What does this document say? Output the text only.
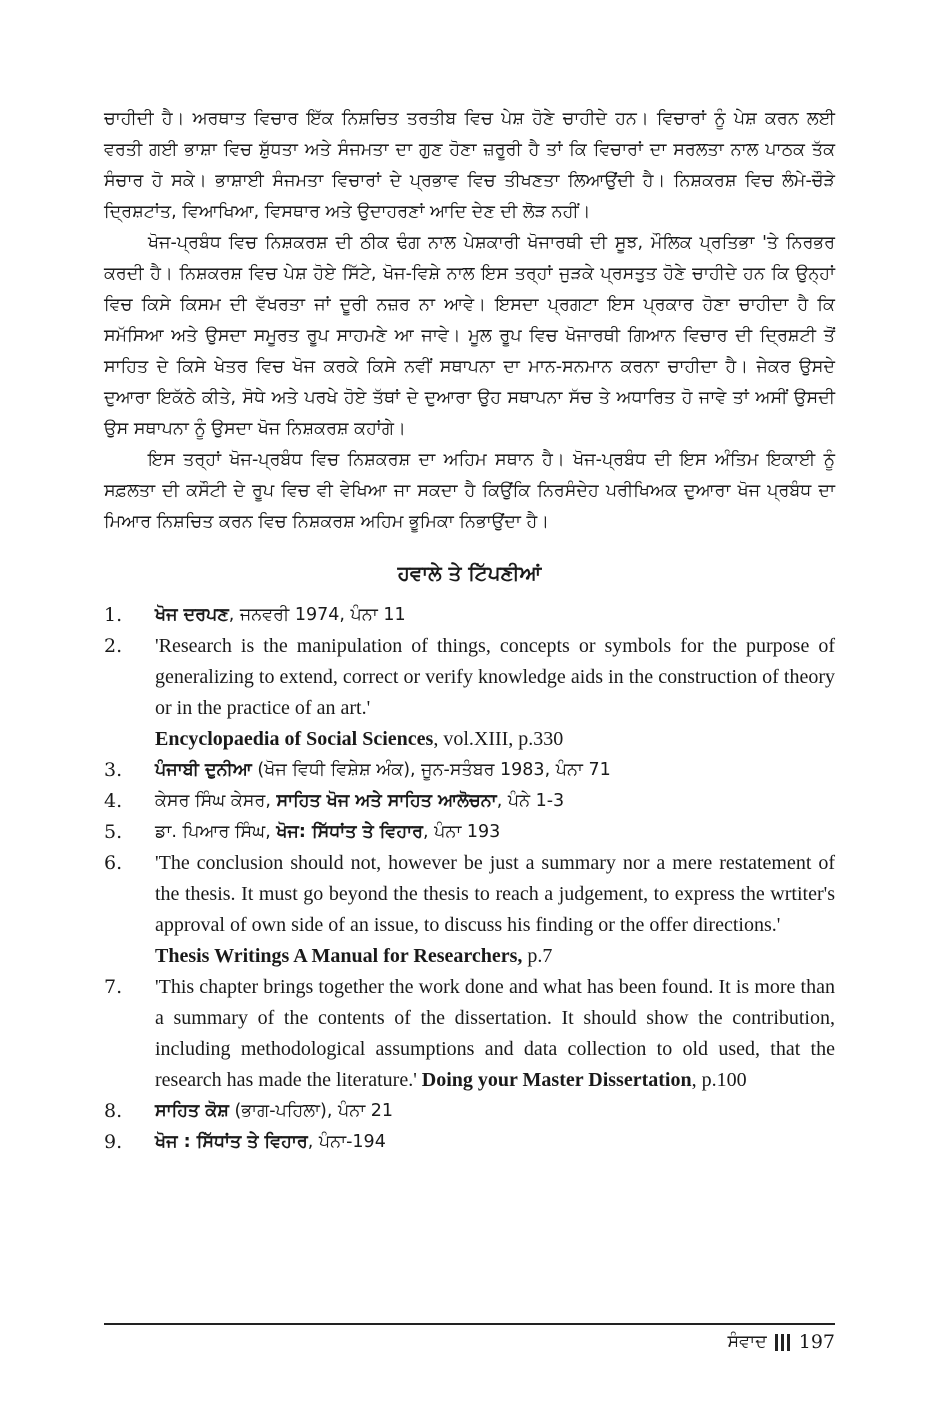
ਚਾਹੀਦੀ ਹੈ। ਅਰਥਾਤ ਵਿਚਾਰ ਇੱਕ ਨਿਸ਼ਚਿਤ ਤਰਤੀਬ ਵਿਚ ਪੇਸ਼ ਹੋਣੇ ਚਾਹੀਦੇ ਹਨ। ਵਿਚਾਰਾਂ ਨੂੰ ਪੇਸ਼ ਕਰਨ ਲਈ ਵਰਤੀ ਗਈ ਭਾਸ਼ਾ ਵਿਚ ਸ਼ੁੱਧਤਾ ਅਤੇ ਸੰਜਮਤਾ ਦਾ ਗੁਣ ਹੋਣਾ ਜ਼ਰੂਰੀ ਹੈ ਤਾਂ ਕਿ ਵਿਚਾਰਾਂ ਦਾ ਸਰਲਤਾ ਨਾਲ ਪਾਠਕ ਤੱਕ ਸੰਚਾਰ ਹੋ ਸਕੇ। ਭਾਸ਼ਾਈ ਸੰਜਮਤਾ ਵਿਚਾਰਾਂ ਦੇ ਪ੍ਰਭਾਵ ਵਿਚ ਤੀਖਣਤਾ ਲਿਆਉਂਦੀ ਹੈ। ਨਿਸ਼ਕਰਸ਼ ਵਿਚ ਲੰਮੇ-ਚੌੜੇ ਦ੍ਰਿਸ਼ਟਾਂਤ, ਵਿਆਖਿਆ, ਵਿਸਥਾਰ ਅਤੇ ਉਦਾਹਰਣਾਂ ਆਦਿ ਦੇਣ ਦੀ ਲੋੜ ਨਹੀਂ।

ਖੋਜ-ਪ੍ਰਬੰਧ ਵਿਚ ਨਿਸ਼ਕਰਸ਼ ਦੀ ਠੀਕ ਢੰਗ ਨਾਲ ਪੇਸ਼ਕਾਰੀ ਖੋਜਾਰਥੀ ਦੀ ਸੂਝ, ਮੌਲਿਕ ਪ੍ਰਤਿਭਾ 'ਤੇ ਨਿਰਭਰ ਕਰਦੀ ਹੈ। ਨਿਸ਼ਕਰਸ਼ ਵਿਚ ਪੇਸ਼ ਹੋਏ ਸਿੱਟੇ, ਖੋਜ-ਵਿਸ਼ੇ ਨਾਲ ਇਸ ਤਰ੍ਹਾਂ ਜੁੜਕੇ ਪ੍ਰਸਤੁਤ ਹੋਣੇ ਚਾਹੀਦੇ ਹਨ ਕਿ ਉਨ੍ਹਾਂ ਵਿਚ ਕਿਸੇ ਕਿਸਮ ਦੀ ਵੱਖਰਤਾ ਜਾਂ ਦੂਰੀ ਨਜ਼ਰ ਨਾ ਆਵੇ। ਇਸਦਾ ਪ੍ਰਗਟਾ ਇਸ ਪ੍ਰਕਾਰ ਹੋਣਾ ਚਾਹੀਦਾ ਹੈ ਕਿ ਸਮੱਸਿਆ ਅਤੇ ਉਸਦਾ ਸਮੂਰਤ ਰੂਪ ਸਾਹਮਣੇ ਆ ਜਾਵੇ। ਮੂਲ ਰੂਪ ਵਿਚ ਖੋਜਾਰਥੀ ਗਿਆਨ ਵਿਚਾਰ ਦੀ ਦ੍ਰਿਸ਼ਟੀ ਤੋਂ ਸਾਹਿਤ ਦੇ ਕਿਸੇ ਖੇਤਰ ਵਿਚ ਖੋਜ ਕਰਕੇ ਕਿਸੇ ਨਵੀਂ ਸਥਾਪਨਾ ਦਾ ਮਾਨ-ਸਨਮਾਨ ਕਰਨਾ ਚਾਹੀਦਾ ਹੈ। ਜੇਕਰ ਉਸਦੇ ਦੁਆਰਾ ਇਕੱਠੇ ਕੀਤੇ, ਸੋਧੇ ਅਤੇ ਪਰਖੇ ਹੋਏ ਤੱਥਾਂ ਦੇ ਦੁਆਰਾ ਉਹ ਸਥਾਪਨਾ ਸੱਚ ਤੇ ਅਧਾਰਿਤ ਹੋ ਜਾਵੇ ਤਾਂ ਅਸੀਂ ਉਸਦੀ ਉਸ ਸਥਾਪਨਾ ਨੂੰ ਉਸਦਾ ਖੋਜ ਨਿਸ਼ਕਰਸ਼ ਕਹਾਂਗੇ।

ਇਸ ਤਰ੍ਹਾਂ ਖੋਜ-ਪ੍ਰਬੰਧ ਵਿਚ ਨਿਸ਼ਕਰਸ਼ ਦਾ ਅਹਿਮ ਸਥਾਨ ਹੈ। ਖੋਜ-ਪ੍ਰਬੰਧ ਦੀ ਇਸ ਅੰਤਿਮ ਇਕਾਈ ਨੂੰ ਸਫ਼ਲਤਾ ਦੀ ਕਸੌਟੀ ਦੇ ਰੂਪ ਵਿਚ ਵੀ ਵੇਖਿਆ ਜਾ ਸਕਦਾ ਹੈ ਕਿਉਂਕਿ ਨਿਰਸੰਦੇਹ ਪਰੀਖਿਅਕ ਦੁਆਰਾ ਖੋਜ ਪ੍ਰਬੰਧ ਦਾ ਮਿਆਰ ਨਿਸ਼ਚਿਤ ਕਰਨ ਵਿਚ ਨਿਸ਼ਕਰਸ਼ ਅਹਿਮ ਭੂਮਿਕਾ ਨਿਭਾਉਂਦਾ ਹੈ।

ਹਵਾਲੇ ਤੇ ਟਿੱਪਣੀਆਂ
1.	ਖੋਜ ਦਰਪਣ, ਜਨਵਰੀ 1974, ਪੰਨਾ 11
2.	'Research is the manipulation of things, concepts or symbols for the purpose of generalizing to extend, correct or verify knowledge aids in the construction of theory or in the practice of an art.'
Encyclopaedia of Social Sciences, vol.XIII, p.330
3.	ਪੰਜਾਬੀ ਦੁਨੀਆ (ਖੋਜ ਵਿਧੀ ਵਿਸ਼ੇਸ਼ ਅੰਕ), ਜੂਨ-ਸਤੰਬਰ 1983, ਪੰਨਾ 71
4.	ਕੇਸਰ ਸਿੰਘ ਕੇਸਰ, ਸਾਹਿਤ ਖੋਜ ਅਤੇ ਸਾਹਿਤ ਆਲੋਚਨਾ, ਪੰਨੇ 1-3
5.	ਡਾ. ਪਿਆਰ ਸਿੰਘ, ਖੋਜ: ਸਿੱਧਾਂਤ ਤੇ ਵਿਹਾਰ, ਪੰਨਾ 193
6.	'The conclusion should not, however be just a summary nor a mere restatement of the thesis. It must go beyond the thesis to reach a judgement, to express the wrtiter's approval of own side of an issue, to discuss his finding or the offer directions.'
Thesis Writings A Manual for Researchers, p.7
7.	'This chapter brings together the work done and what has been found. It is more than a summary of the contents of the dissertation. It should show the contribution, including methodological assumptions and data collection to old used, that the research has made the literature.' Doing your Master Dissertation, p.100
8.	ਸਾਹਿਤ ਕੋਸ਼ (ਭਾਗ-ਪਹਿਲਾ), ਪੰਨਾ 21
9.	ਖੋਜ : ਸਿੱਧਾਂਤ ਤੇ ਵਿਹਾਰ, ਪੰਨਾ-194
ਸੰਵਾਦ 197
